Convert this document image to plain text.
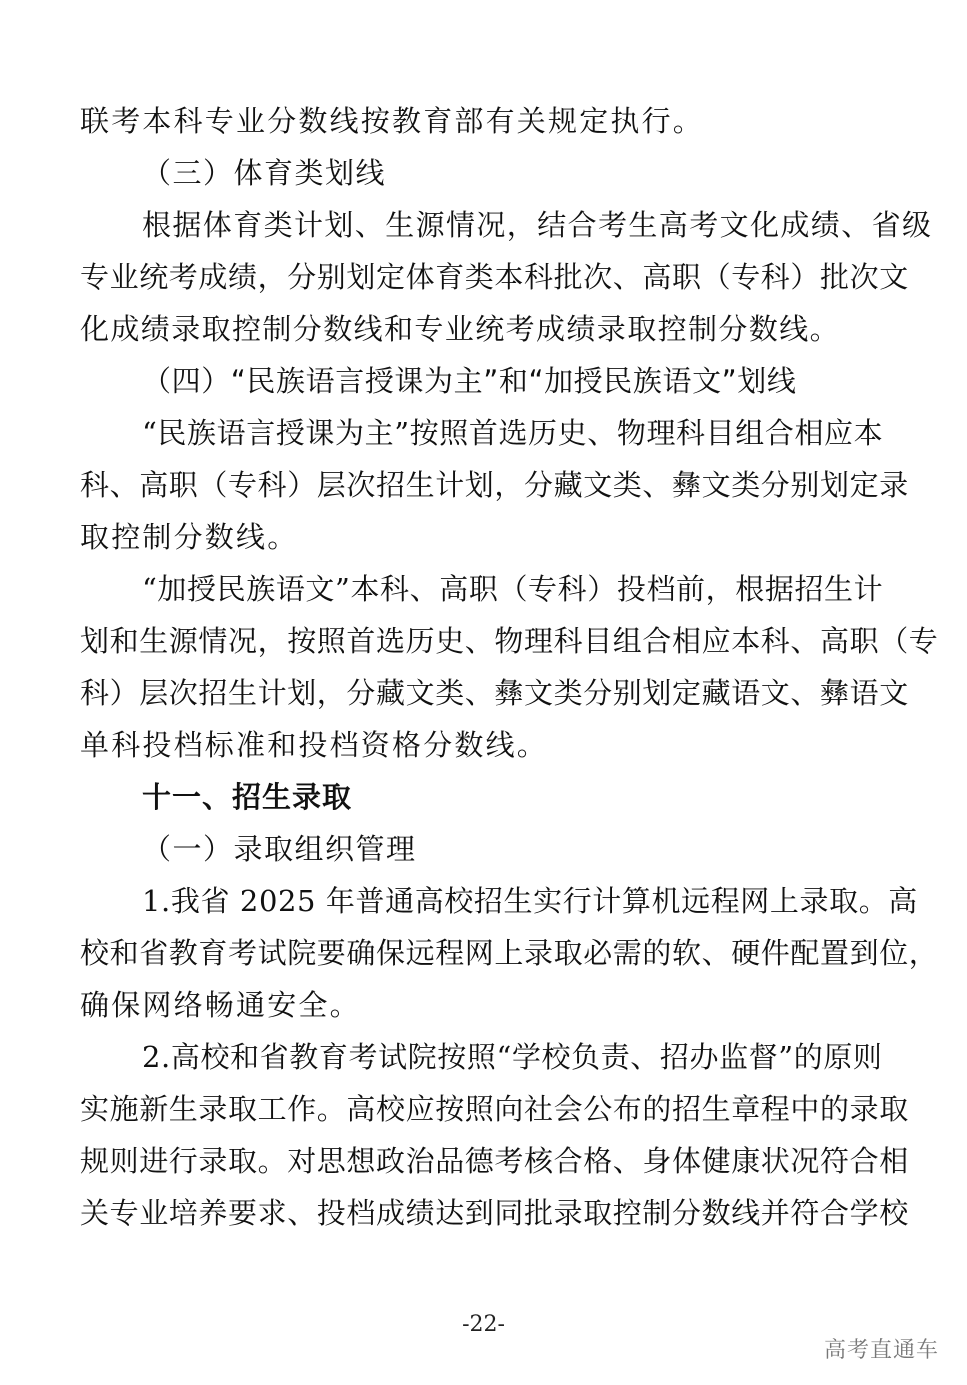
联考本科专业分数线按教育部有关规定执行。
（三）体育类划线
根据体育类计划、生源情况，结合考生高考文化成绩、省级
专业统考成绩，分别划定体育类本科批次、高职（专科）批次文
化成绩录取控制分数线和专业统考成绩录取控制分数线。
（四）“民族语言授课为主”和“加授民族语文”划线
“民族语言授课为主”按照首选历史、物理科目组合相应本
科、高职（专科）层次招生计划，分藏文类、彝文类分别划定录
取控制分数线。
“加授民族语文”本科、高职（专科）投档前，根据招生计
划和生源情况，按照首选历史、物理科目组合相应本科、高职（专
科）层次招生计划，分藏文类、彝文类分别划定藏语文、彝语文
单科投档标准和投档资格分数线。
十一、招生录取
（一）录取组织管理
1.我省 2025 年普通高校招生实行计算机远程网上录取。高
校和省教育考试院要确保远程网上录取必需的软、硬件配置到位，
确保网络畅通安全。
2.高校和省教育考试院按照“学校负责、招办监督”的原则
实施新生录取工作。高校应按照向社会公布的招生章程中的录取
规则进行录取。对思想政治品德考核合格、身体健康状况符合相
关专业培养要求、投档成绩达到同批录取控制分数线并符合学校
-22-
高考直通车
